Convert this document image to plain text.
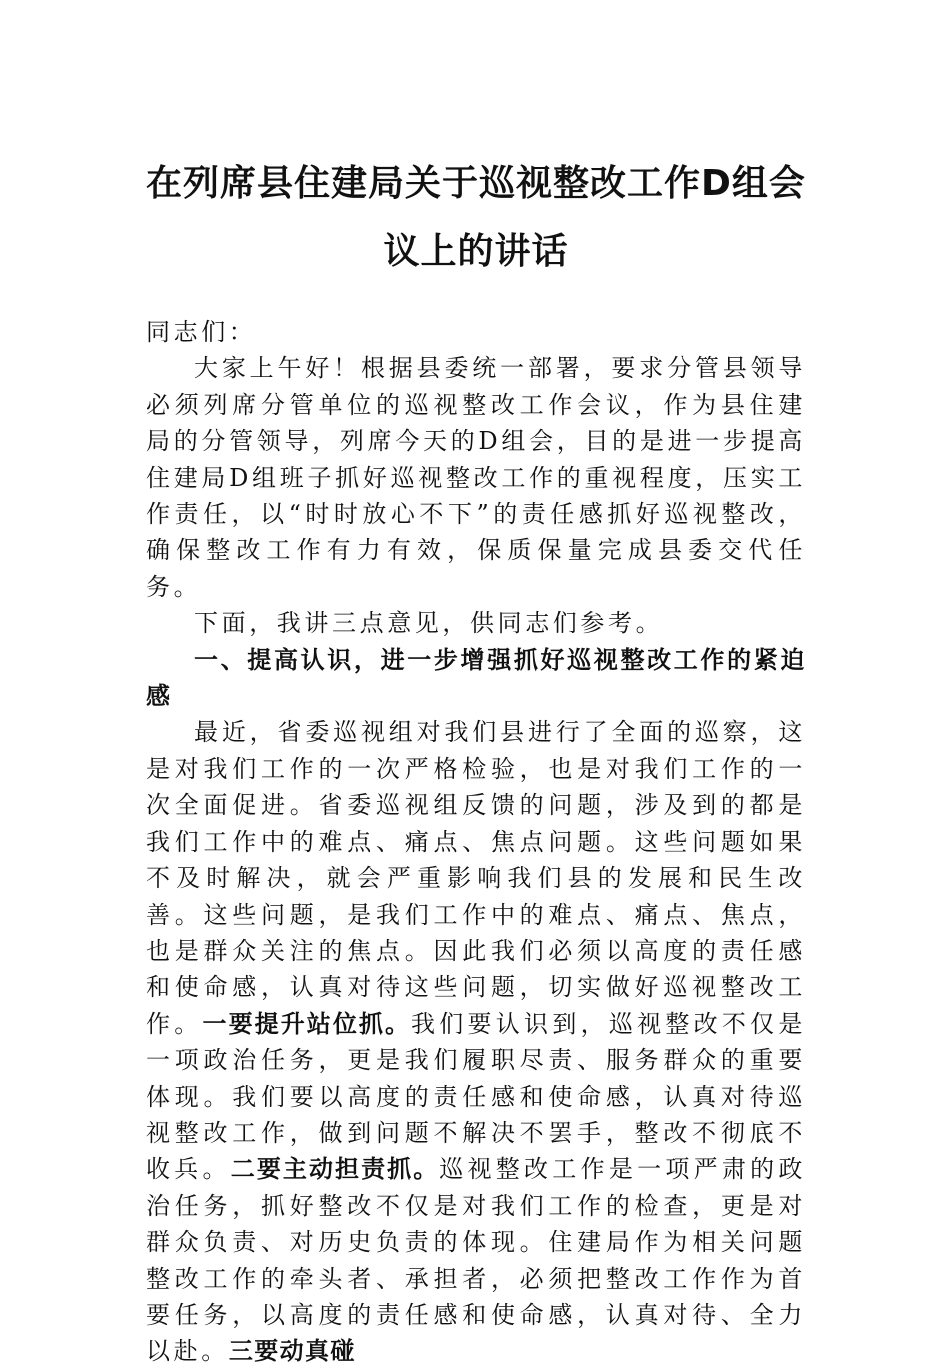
在列席县住建局关于巡视整改工作D组会
议上的讲话

同志们：

大家上午好！根据县委统一部署，要求分管县领导必须列席分管单位的巡视整改工作会议，作为县住建局的分管领导，列席今天的D组会，目的是进一步提高住建局D组班子抓好巡视整改工作的重视程度，压实工作责任，以“时时放心不下”的责任感抓好巡视整改，确保整改工作有力有效，保质保量完成县委交代任务。

下面，我讲三点意见，供同志们参考。

一、提高认识，进一步增强抓好巡视整改工作的紧迫感

最近，省委巡视组对我们县进行了全面的巡察，这是对我们工作的一次严格检验，也是对我们工作的一次全面促进。省委巡视组反馈的问题，涉及到的都是我们工作中的难点、痛点、焦点问题。这些问题如果不及时解决，就会严重影响我们县的发展和民生改善。这些问题，是我们工作中的难点、痛点、焦点，也是群众关注的焦点。因此我们必须以高度的责任感和使命感，认真对待这些问题，切实做好巡视整改工作。一要提升站位抓。我们要认识到，巡视整改不仅是一项政治任务，更是我们履职尽责、服务群众的重要体现。我们要以高度的责任感和使命感，认真对待巡视整改工作，做到问题不解决不罢手，整改不彻底不收兵。二要主动担责抓。巡视整改工作是一项严肃的政治任务，抓好整改不仅是对我们工作的检查，更是对群众负责、对历史负责的体现。住建局作为相关问题整改工作的牵头者、承担者，必须把整改工作作为首要任务，以高度的责任感和使命感，认真对待、全力以赴。三要动真碰
